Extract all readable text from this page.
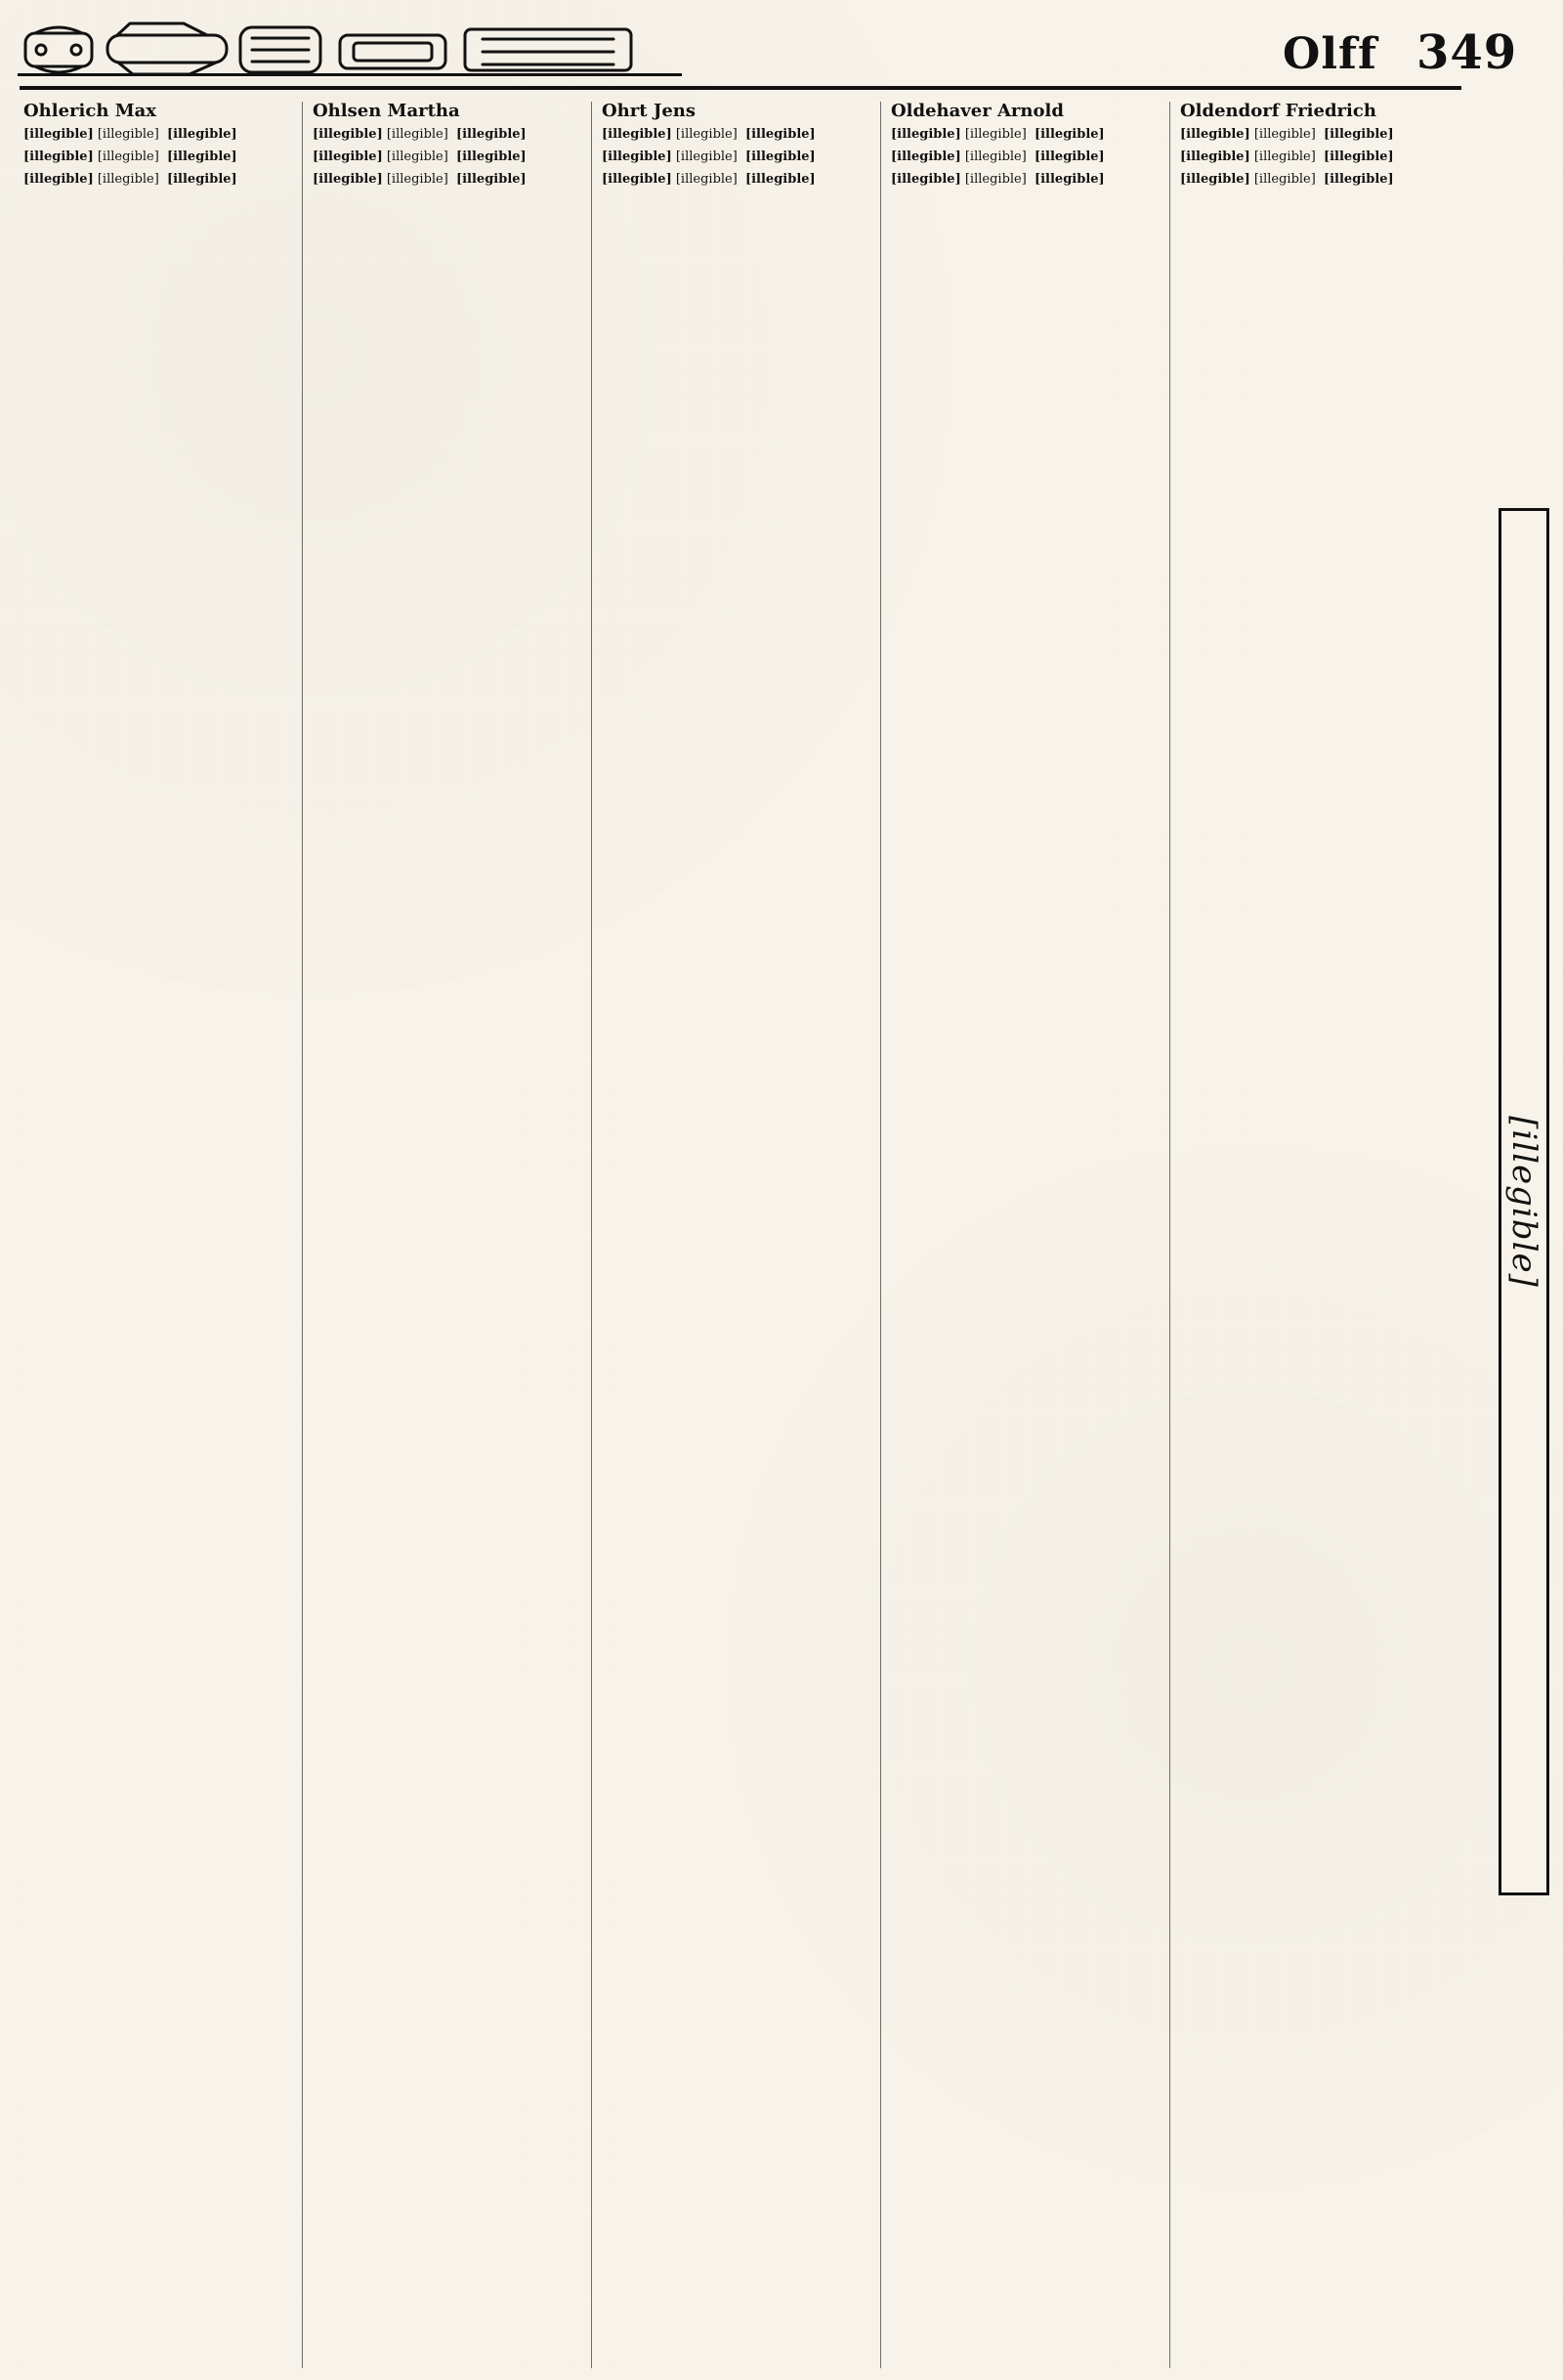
Olff 349
Ohlerich Max
[illegible] [illegible] [illegible]
[illegible] [illegible] [illegible]
[illegible] [illegible] [illegible]
Ohlsen Martha
[illegible] [illegible] [illegible]
[illegible] [illegible] [illegible]
[illegible] [illegible] [illegible]
Ohrt Jens
[illegible] [illegible] [illegible]
[illegible] [illegible] [illegible]
[illegible] [illegible] [illegible]
Oldehaver Arnold
[illegible] [illegible] [illegible]
[illegible] [illegible] [illegible]
[illegible] [illegible] [illegible]
Oldendorf Friedrich
[illegible] [illegible] [illegible]
[illegible] [illegible] [illegible]
[illegible] [illegible] [illegible]
[illegible]
